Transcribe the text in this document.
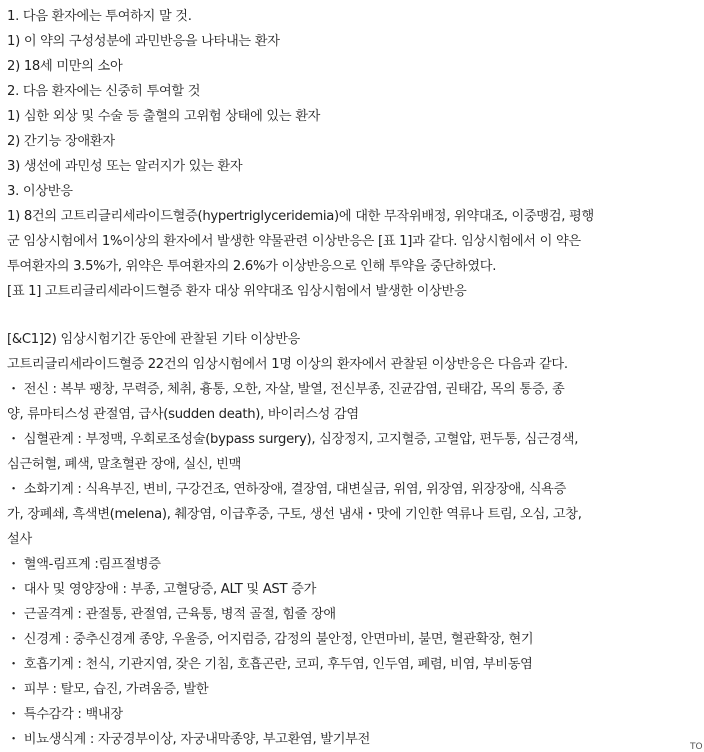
1. 다음 환자에는 투여하지 말 것.
1) 이 약의 구성성분에 과민반응을 나타내는 환자
2) 18세 미만의 소아
2. 다음 환자에는 신중히 투여할 것
1) 심한 외상 및 수술 등 출혈의 고위험 상태에 있는 환자
2) 간기능 장애환자
3) 생선에 과민성 또는 알러지가 있는 환자
3. 이상반응
1) 8건의 고트리글리세라이드혈증(hypertriglyceridemia)에 대한 무작위배정, 위약대조, 이중맹검, 평행
군 임상시험에서 1%이상의 환자에서 발생한 약물관련 이상반응은 [표 1]과 같다. 임상시험에서 이 약은
투여환자의 3.5%가, 위약은 투여환자의 2.6%가 이상반응으로 인해 투약을 중단하였다.
[표 1] 고트리글리세라이드혈증 환자 대상 위약대조 임상시험에서 발생한 이상반응
[&C1]2) 임상시험기간 동안에 관찰된 기타 이상반응
고트리글리세라이드혈증 22건의 임상시험에서 1명 이상의 환자에서 관찰된 이상반응은 다음과 같다.
・ 전신 : 복부 팽창, 무력증, 체취, 흉통, 오한, 자살, 발열, 전신부종, 진균감염, 권태감, 목의 통증, 종
양, 류마티스성 관절염, 급사(sudden death), 바이러스성 감염
・ 심혈관계 : 부정맥, 우회로조성술(bypass surgery), 심장정지, 고지혈증, 고혈압, 편두통, 심근경색,
심근허혈, 폐색, 말초혈관 장애, 실신, 빈맥
・ 소화기계 : 식욕부진, 변비, 구강건조, 연하장애, 결장염, 대변실금, 위염, 위장염, 위장장애, 식욕증
가, 장폐쇄, 흑색변(melena), 췌장염, 이급후중, 구토, 생선 냄새・맛에 기인한 역류나 트림, 오심, 고창,
설사
・ 혈액-림프계 :림프절병증
・ 대사 및 영양장애 : 부종, 고혈당증, ALT 및 AST 증가
・ 근골격계 : 관절통, 관절염, 근육통, 병적 골절, 힘줄 장애
・ 신경계 : 중추신경계 종양, 우울증, 어지럼증, 감정의 불안정, 안면마비, 불면, 혈관확장, 현기
・ 호흡기계 : 천식, 기관지염, 잦은 기침, 호흡곤란, 코피, 후두염, 인두염, 폐렴, 비염, 부비동염
・ 피부 : 탈모, 습진, 가려움증, 발한
・ 특수감각 : 백내장
・ 비뇨생식계 : 자궁경부이상, 자궁내막종양, 부고환염, 발기부전	TO
